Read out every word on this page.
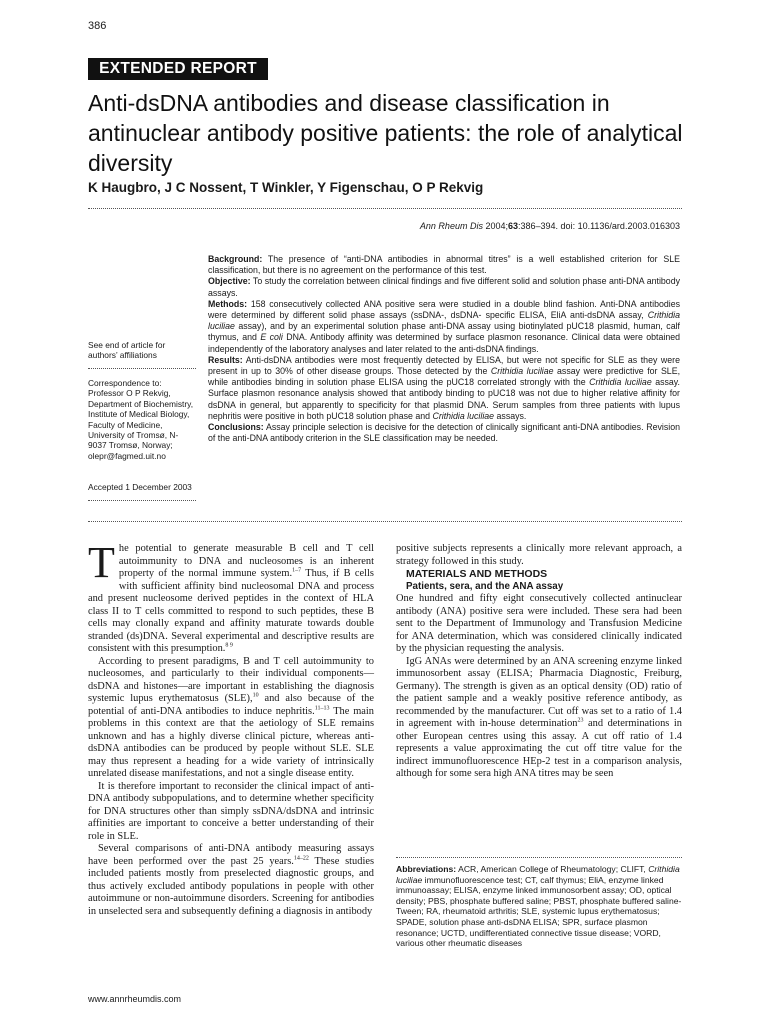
386
EXTENDED REPORT
Anti-dsDNA antibodies and disease classification in antinuclear antibody positive patients: the role of analytical diversity
K Haugbro, J C Nossent, T Winkler, Y Figenschau, O P Rekvig
Ann Rheum Dis 2004;63:386–394. doi: 10.1136/ard.2003.016303
See end of article for authors’ affiliations
Correspondence to: Professor O P Rekvig, Department of Biochemistry, Institute of Medical Biology, Faculty of Medicine, University of Tromsø, N-9037 Tromsø, Norway; olepr@fagmed.uit.no
Accepted 1 December 2003

Background: The presence of “anti-DNA antibodies in abnormal titres” is a well established criterion for SLE classification, but there is no agreement on the performance of this test.

Objective: To study the correlation between clinical findings and five different solid and solution phase anti-DNA antibody assays.

Methods: 158 consecutively collected ANA positive sera were studied in a double blind fashion. Anti-DNA antibodies were determined by different solid phase assays (ssDNA-, dsDNA- specific ELISA, EliA anti-dsDNA assay, Crithidia luciliae assay), and by an experimental solution phase anti-DNA assay using biotinylated pUC18 plasmid, human, calf thymus, and E coli DNA. Antibody affinity was determined by surface plasmon resonance. Clinical data were obtained independently of the laboratory analyses and later related to the anti-dsDNA findings.

Results: Anti-dsDNA antibodies were most frequently detected by ELISA, but were not specific for SLE as they were present in up to 30% of other disease groups. Those detected by the Crithidia luciliae assay were predictive for SLE, while antibodies binding in solution phase ELISA using the pUC18 correlated strongly with the Crithidia luciliae assay. Surface plasmon resonance analysis showed that antibody binding to pUC18 was not due to higher relative affinity for dsDNA in general, but apparently to specificity for that plasmid DNA. Serum samples from three patients with lupus nephritis were positive in both pUC18 solution phase and Crithidia luciliae assays.

Conclusions: Assay principle selection is decisive for the detection of clinically significant anti-DNA antibodies. Revision of the anti-DNA antibody criterion in the SLE classification may be needed.

The potential to generate measurable B cell and T cell autoimmunity to DNA and nucleosomes is an inherent property of the normal immune system.$^{1-7}$ Thus, if B cells with sufficient affinity bind nucleosomal DNA and process and present nucleosome derived peptides in the context of HLA class II to T cells committed to respond to such peptides, these B cells may clonally expand and affinity maturate towards double stranded (ds)DNA. Several experimental and descriptive results are consistent with this presumption.$^{8 9}$

According to present paradigms, B and T cell autoimmunity to nucleosomes, and particularly to their individual components—dsDNA and histones—are important in establishing the diagnosis systemic lupus erythematosus (SLE),$^{10}$ and also because of the potential of anti-DNA antibodies to induce nephritis.$^{11-13}$ The main problems in this context are that the aetiology of SLE remains unknown and has a highly diverse clinical picture, whereas anti-dsDNA antibodies can be produced by people without SLE. SLE may thus represent a heading for a wide variety of intrinsically unrelated disease manifestations, and not a single disease entity.

It is therefore important to reconsider the clinical impact of anti-DNA antibody subpopulations, and to determine whether specificity for DNA structures other than simply ssDNA/dsDNA and intrinsic affinities are important to conceive a better understanding of their role in SLE.

Several comparisons of anti-DNA antibody measuring assays have been performed over the past 25 years.$^{14-22}$ These studies included patients mostly from preselected diagnostic groups, and thus actively excluded antibody populations in people with other autoimmune or non-autoimmune disorders. Screening for antibodies in unselected sera and subsequently defining a diagnosis in antibody

positive subjects represents a clinically more relevant approach, a strategy followed in this study.

MATERIALS AND METHODS

Patients, sera, and the ANA assay

One hundred and fifty eight consecutively collected antinuclear antibody (ANA) positive sera were included. These sera had been sent to the Department of Immunology and Transfusion Medicine for ANA determination, which was considered clinically indicated by the physician requesting the analysis.

IgG ANAs were determined by an ANA screening enzyme linked immunosorbent assay (ELISA; Pharmacia Diagnostic, Freiburg, Germany). The strength is given as an optical density (OD) ratio of the patient sample and a weakly positive reference antibody, as recommended by the manufacturer. Cut off was set to a ratio of 1.4 in agreement with in-house determination$^{23}$ and determinations in other European centres using this assay. A cut off ratio of 1.4 represents a value approximating the cut off titre value for the indirect immunofluorescence HEp-2 test in a comparison analysis, although for some sera high ANA titres may be seen

Abbreviations: ACR, American College of Rheumatology; CLIFT, Crithidia luciliae immunofluorescence test; CT, calf thymus; EliA, enzyme linked immunoassay; ELISA, enzyme linked immunosorbent assay; OD, optical density; PBS, phosphate buffered saline; PBST, phosphate buffered saline-Tween; RA, rheumatoid arthritis; SLE, systemic lupus erythematosus; SPADE, solution phase anti-dsDNA ELISA; SPR, surface plasmon resonance; UCTD, undifferentiated connective tissue disease; VORD, various other rheumatic diseases
www.annrheumdis.com
